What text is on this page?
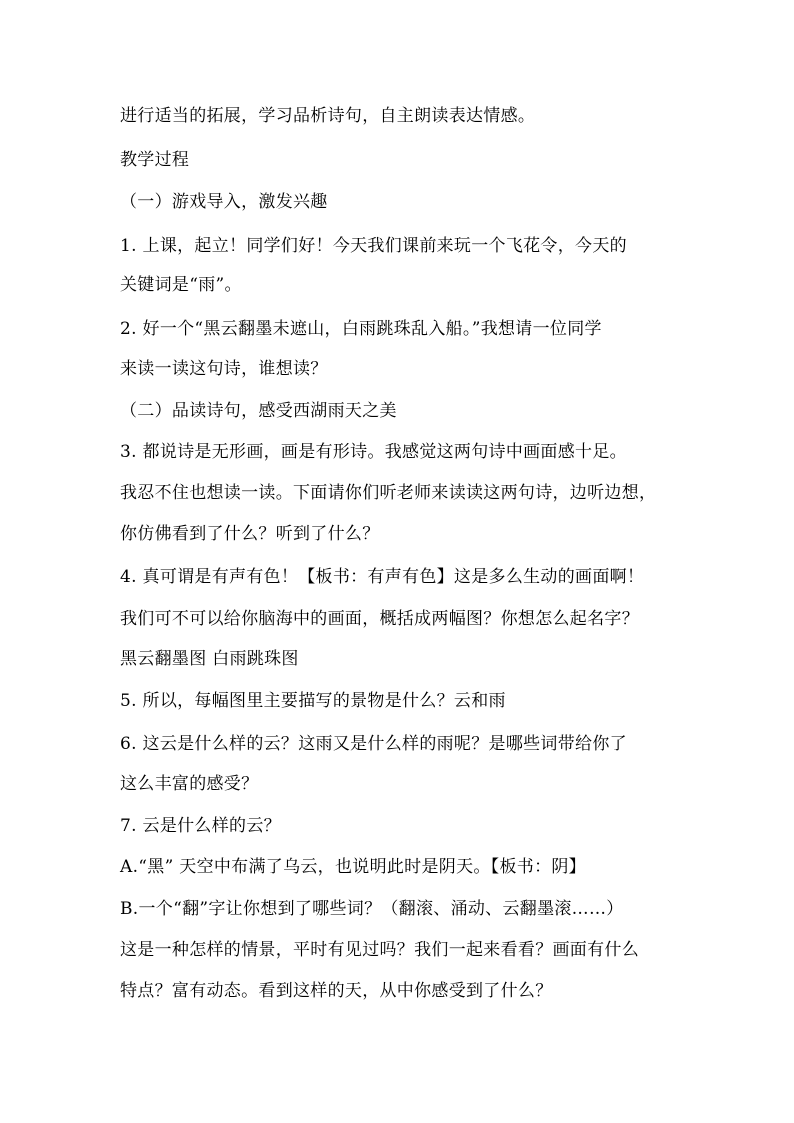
进行适当的拓展，学习品析诗句，自主朗读表达情感。
教学过程
（一）游戏导入，激发兴趣
1. 上课，起立！同学们好！今天我们课前来玩一个飞花令，今天的
关键词是“雨”。
2. 好一个“黑云翻墨未遮山，白雨跳珠乱入船。”我想请一位同学
来读一读这句诗，谁想读？
（二）品读诗句，感受西湖雨天之美
3. 都说诗是无形画，画是有形诗。我感觉这两句诗中画面感十足。
我忍不住也想读一读。下面请你们听老师来读读这两句诗，边听边想，
你仿佛看到了什么？听到了什么？
4. 真可谓是有声有色！【板书：有声有色】这是多么生动的画面啊！
我们可不可以给你脑海中的画面，概括成两幅图？你想怎么起名字？
黑云翻墨图 白雨跳珠图
5. 所以，每幅图里主要描写的景物是什么？云和雨
6. 这云是什么样的云？这雨又是什么样的雨呢？是哪些词带给你了
这么丰富的感受？
7. 云是什么样的云？
A.“黑” 天空中布满了乌云，也说明此时是阴天。【板书：阴】
B.一个“翻”字让你想到了哪些词？（翻滚、涌动、云翻墨滚……）
这是一种怎样的情景，平时有见过吗？我们一起来看看？画面有什么
特点？富有动态。看到这样的天，从中你感受到了什么？
